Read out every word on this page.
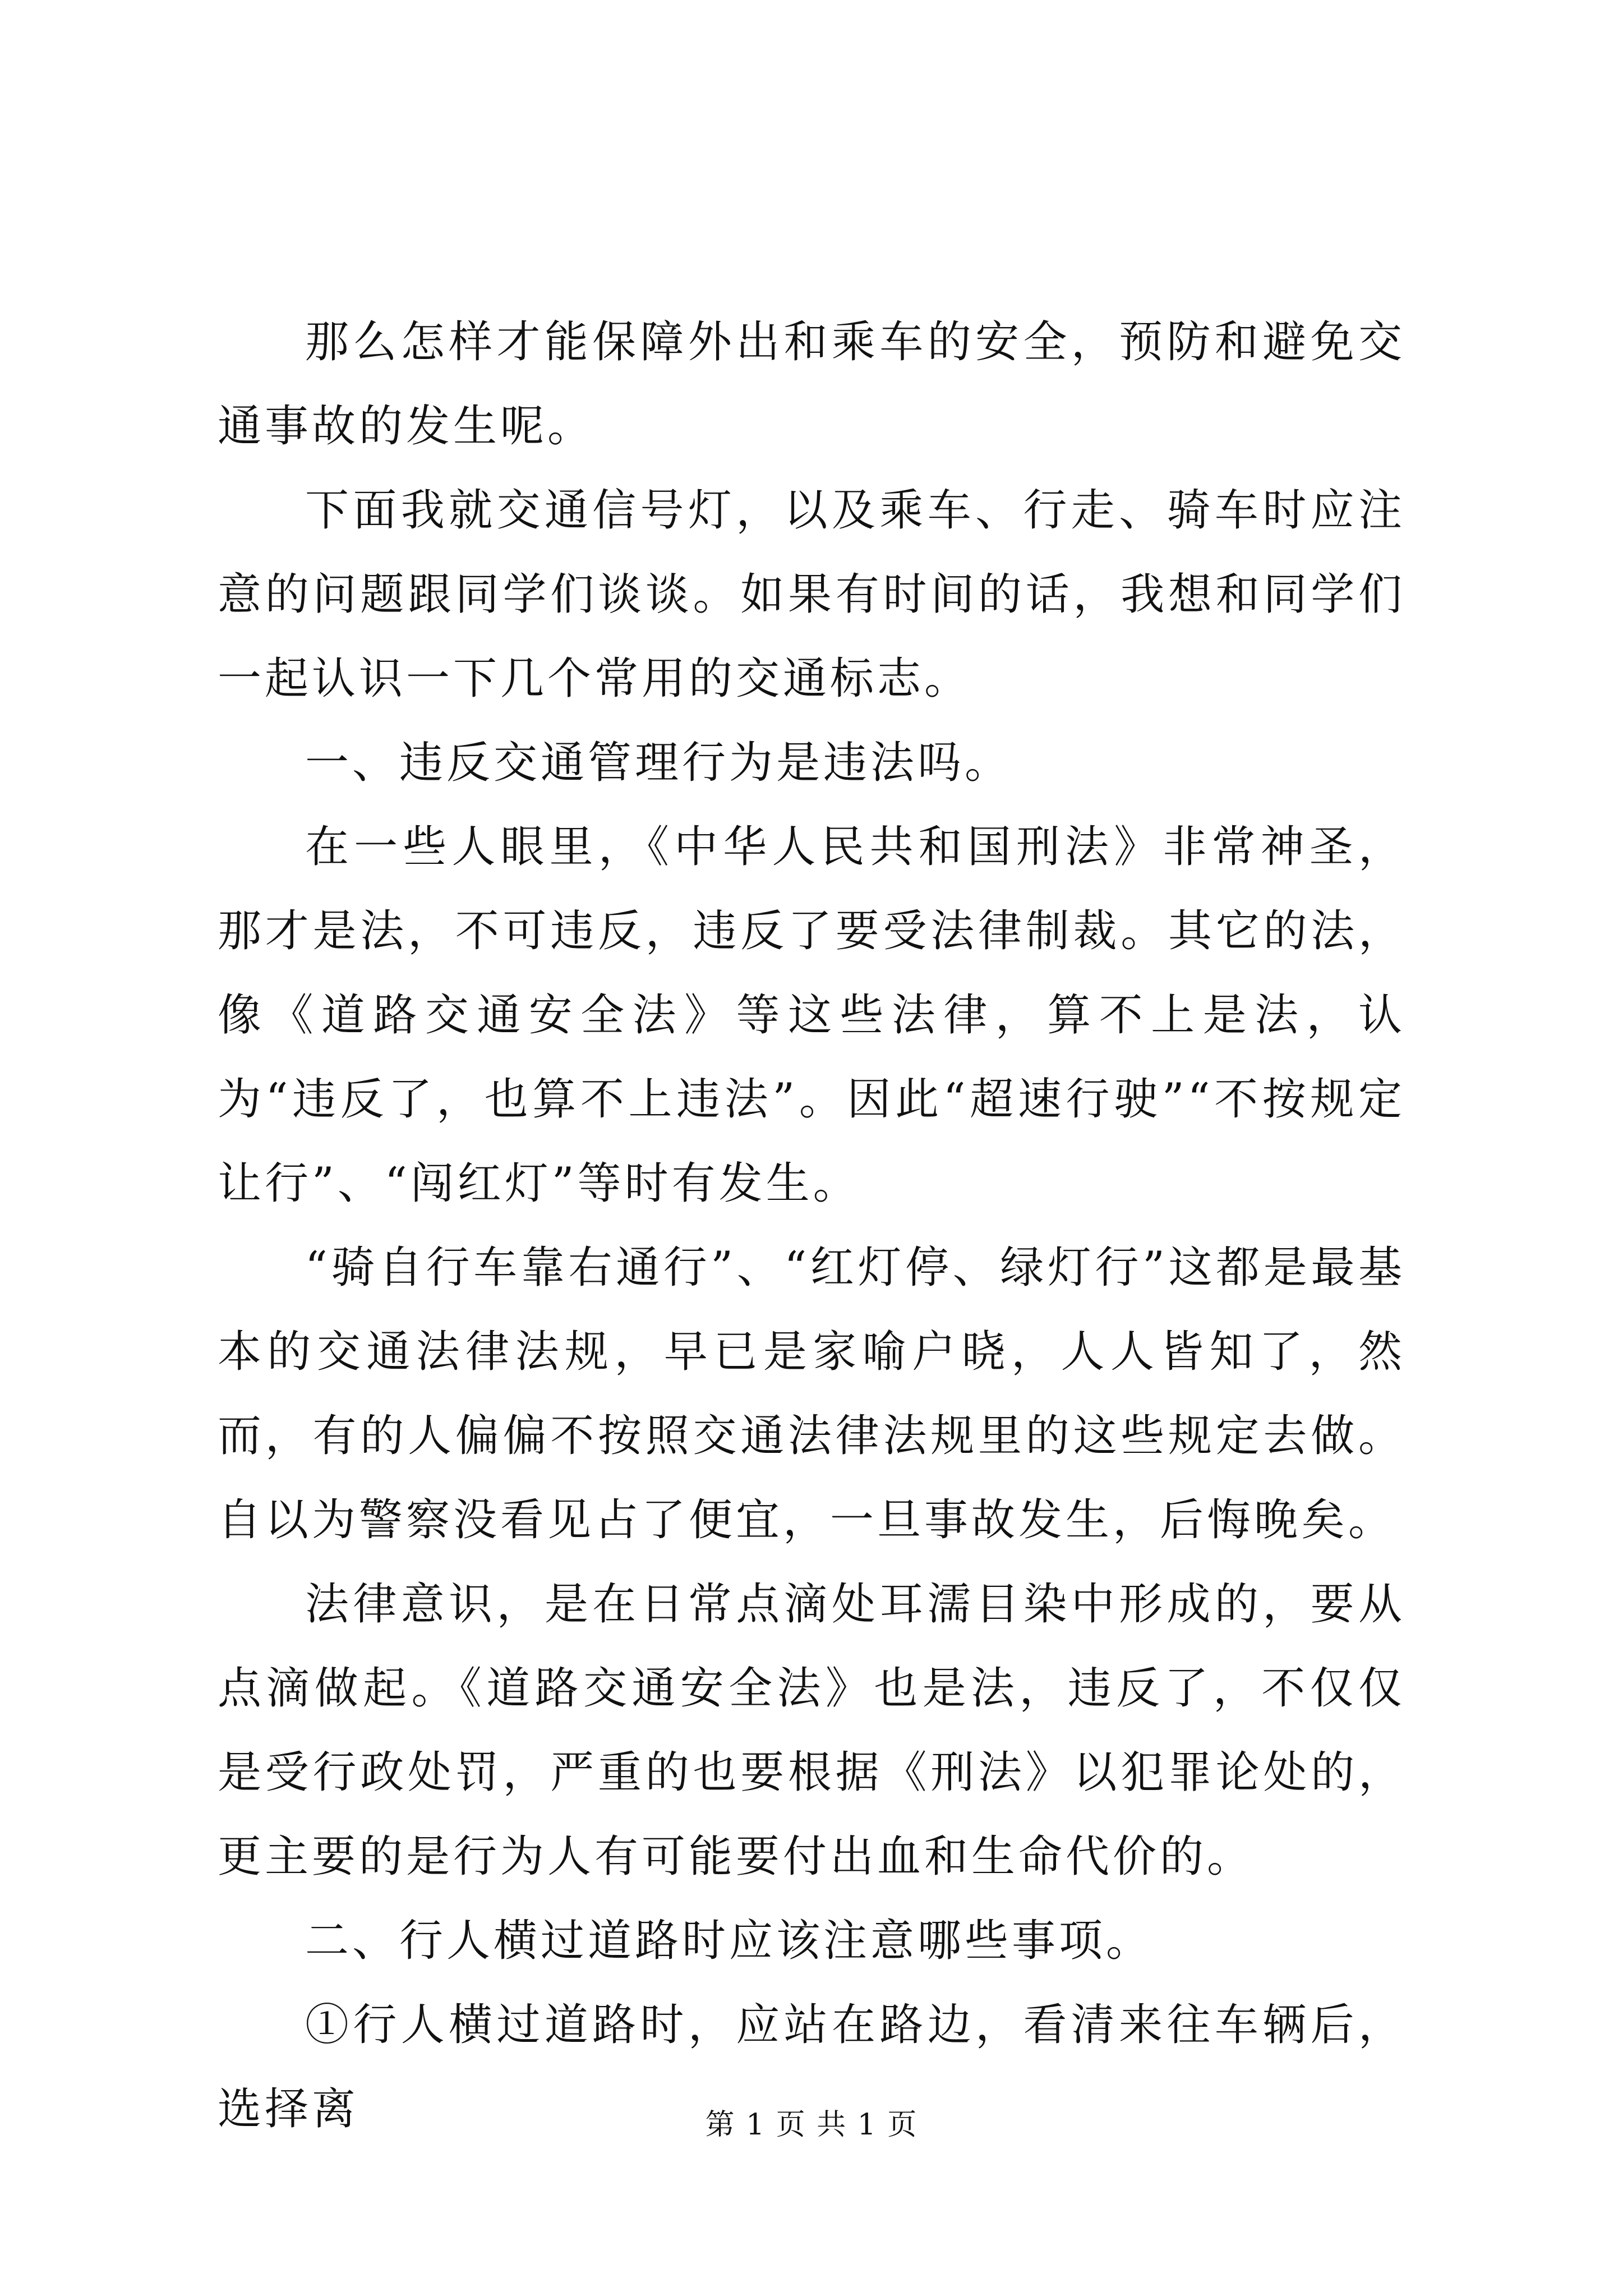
那么怎样才能保障外出和乘车的安全，预防和避免交通事故的发生呢。

下面我就交通信号灯，以及乘车、行走、骑车时应注意的问题跟同学们谈谈。如果有时间的话，我想和同学们一起认识一下几个常用的交通标志。

一、违反交通管理行为是违法吗。

在一些人眼里，《中华人民共和国刑法》非常神圣，那才是法，不可违反，违反了要受法律制裁。其它的法，像《道路交通安全法》等这些法律，算不上是法，认为“违反了，也算不上违法”。因此“超速行驶”“不按规定让行”、“闯红灯”等时有发生。

“骑自行车靠右通行”、“红灯停、绿灯行”这都是最基本的交通法律法规，早已是家喻户晓，人人皆知了，然而，有的人偏偏不按照交通法律法规里的这些规定去做。自以为警察没看见占了便宜，一旦事故发生，后悔晚矣。

法律意识，是在日常点滴处耳濡目染中形成的，要从点滴做起。《道路交通安全法》也是法，违反了，不仅仅是受行政处罚，严重的也要根据《刑法》以犯罪论处的，更主要的是行为人有可能要付出血和生命代价的。

二、行人横过道路时应该注意哪些事项。

①行人横过道路时，应站在路边，看清来往车辆后，选择离	第 1 页 共 1 页
